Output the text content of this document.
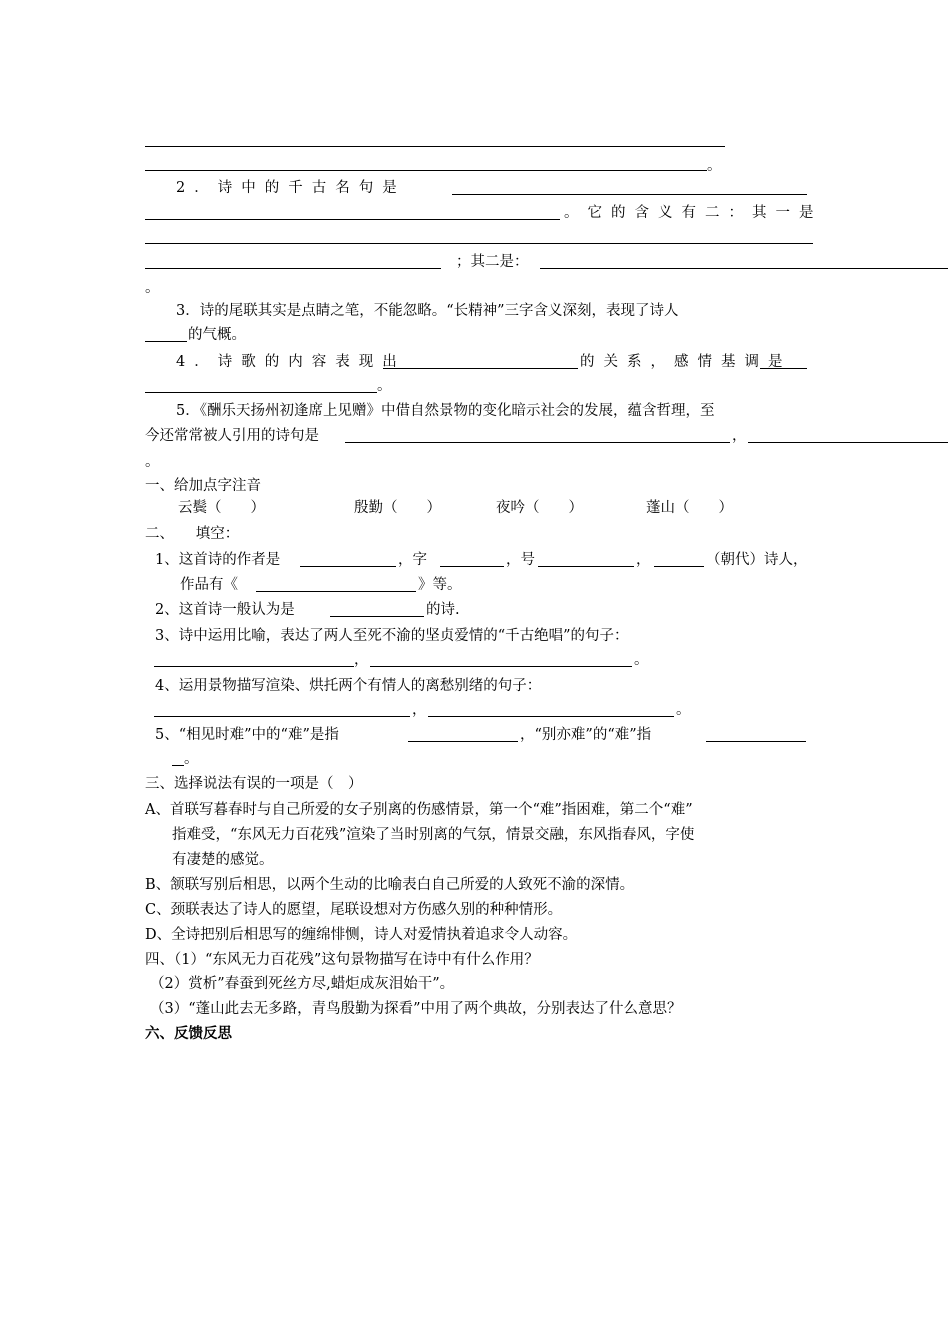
。
2．诗中的千古名句是
。它的含义有二：其一是
；其二是：
。
3．诗的尾联其实是点睛之笔，不能忽略。“长精神”三字含义深刻，表现了诗人
的气概。
4．诗歌的内容表现出	的关系，感情基调是
。
5．《酬乐天扬州初逢席上见赠》中借自然景物的变化暗示社会的发展，蕴含哲理，至
今还常常被人引用的诗句是	，
。
一、给加点字注音
云鬓（　　）	殷勤（　　）	夜吟（　　）	蓬山（　　）
二、　　填空：
1、这首诗的作者是	，字	，号	，	（朝代）诗人，
作品有《	》等。
2、这首诗一般认为是	的诗.
3、诗中运用比喻，表达了两人至死不渝的坚贞爱情的“千古绝唱”的句子：
，	。
4、运用景物描写渲染、烘托两个有情人的离愁别绪的句子：
，	。
5、“相见时难”中的“难”是指	，“别亦难”的“难”指
。
三、选择说法有误的一项是（　）
A、首联写暮春时与自己所爱的女子别离的伤感情景，第一个“难”指困难，第二个“难”
指难受，“东风无力百花残”渲染了当时别离的气氛，情景交融，东风指春风，字使
有凄楚的感觉。
B、颔联写别后相思，以两个生动的比喻表白自己所爱的人致死不渝的深情。
C、颈联表达了诗人的愿望，尾联设想对方伤感久别的种种情形。
D、全诗把别后相思写的缠绵悱恻，诗人对爱情执着追求令人动容。
四、（1）“东风无力百花残”这句景物描写在诗中有什么作用？
（2）赏析”春蚕到死丝方尽,蜡炬成灰泪始干”。
（3）“蓬山此去无多路，青鸟殷勤为探看”中用了两个典故，分别表达了什么意思？
六、反馈反思
